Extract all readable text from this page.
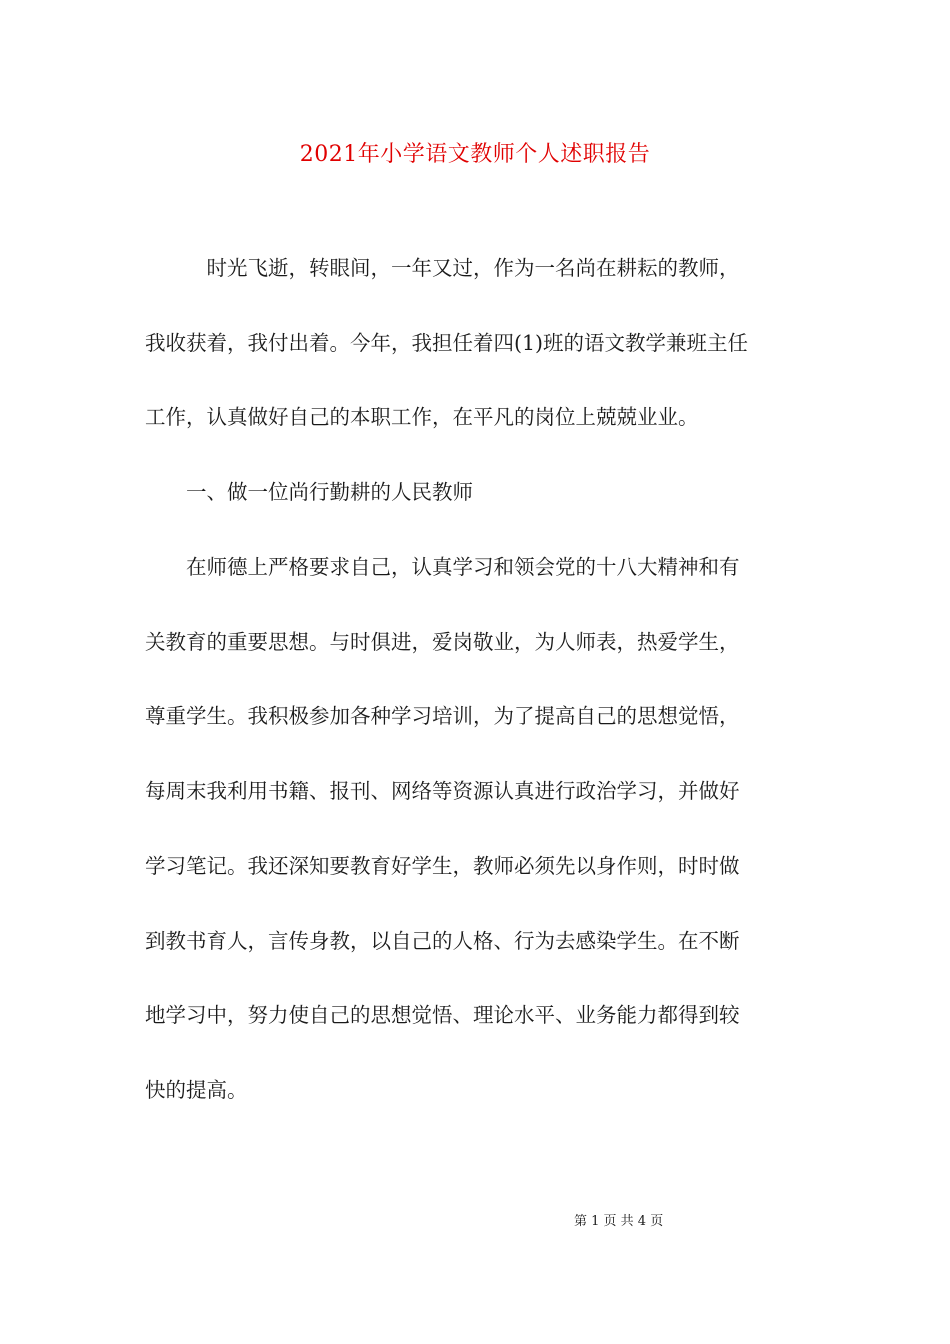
2021年小学语文教师个人述职报告
　　　时光飞逝，转眼间，一年又过，作为一名尚在耕耘的教师，
我收获着，我付出着。今年，我担任着四(1)班的语文教学兼班主任
工作，认真做好自己的本职工作，在平凡的岗位上兢兢业业。
　　一、做一位尚行勤耕的人民教师
　　在师德上严格要求自己，认真学习和领会党的十八大精神和有
关教育的重要思想。与时俱进，爱岗敬业，为人师表，热爱学生，
尊重学生。我积极参加各种学习培训，为了提高自己的思想觉悟，
每周末我利用书籍、报刊、网络等资源认真进行政治学习，并做好
学习笔记。我还深知要教育好学生，教师必须先以身作则，时时做
到教书育人，言传身教，以自己的人格、行为去感染学生。在不断
地学习中，努力使自己的思想觉悟、理论水平、业务能力都得到较
快的提高。
第 1 页 共 4 页
